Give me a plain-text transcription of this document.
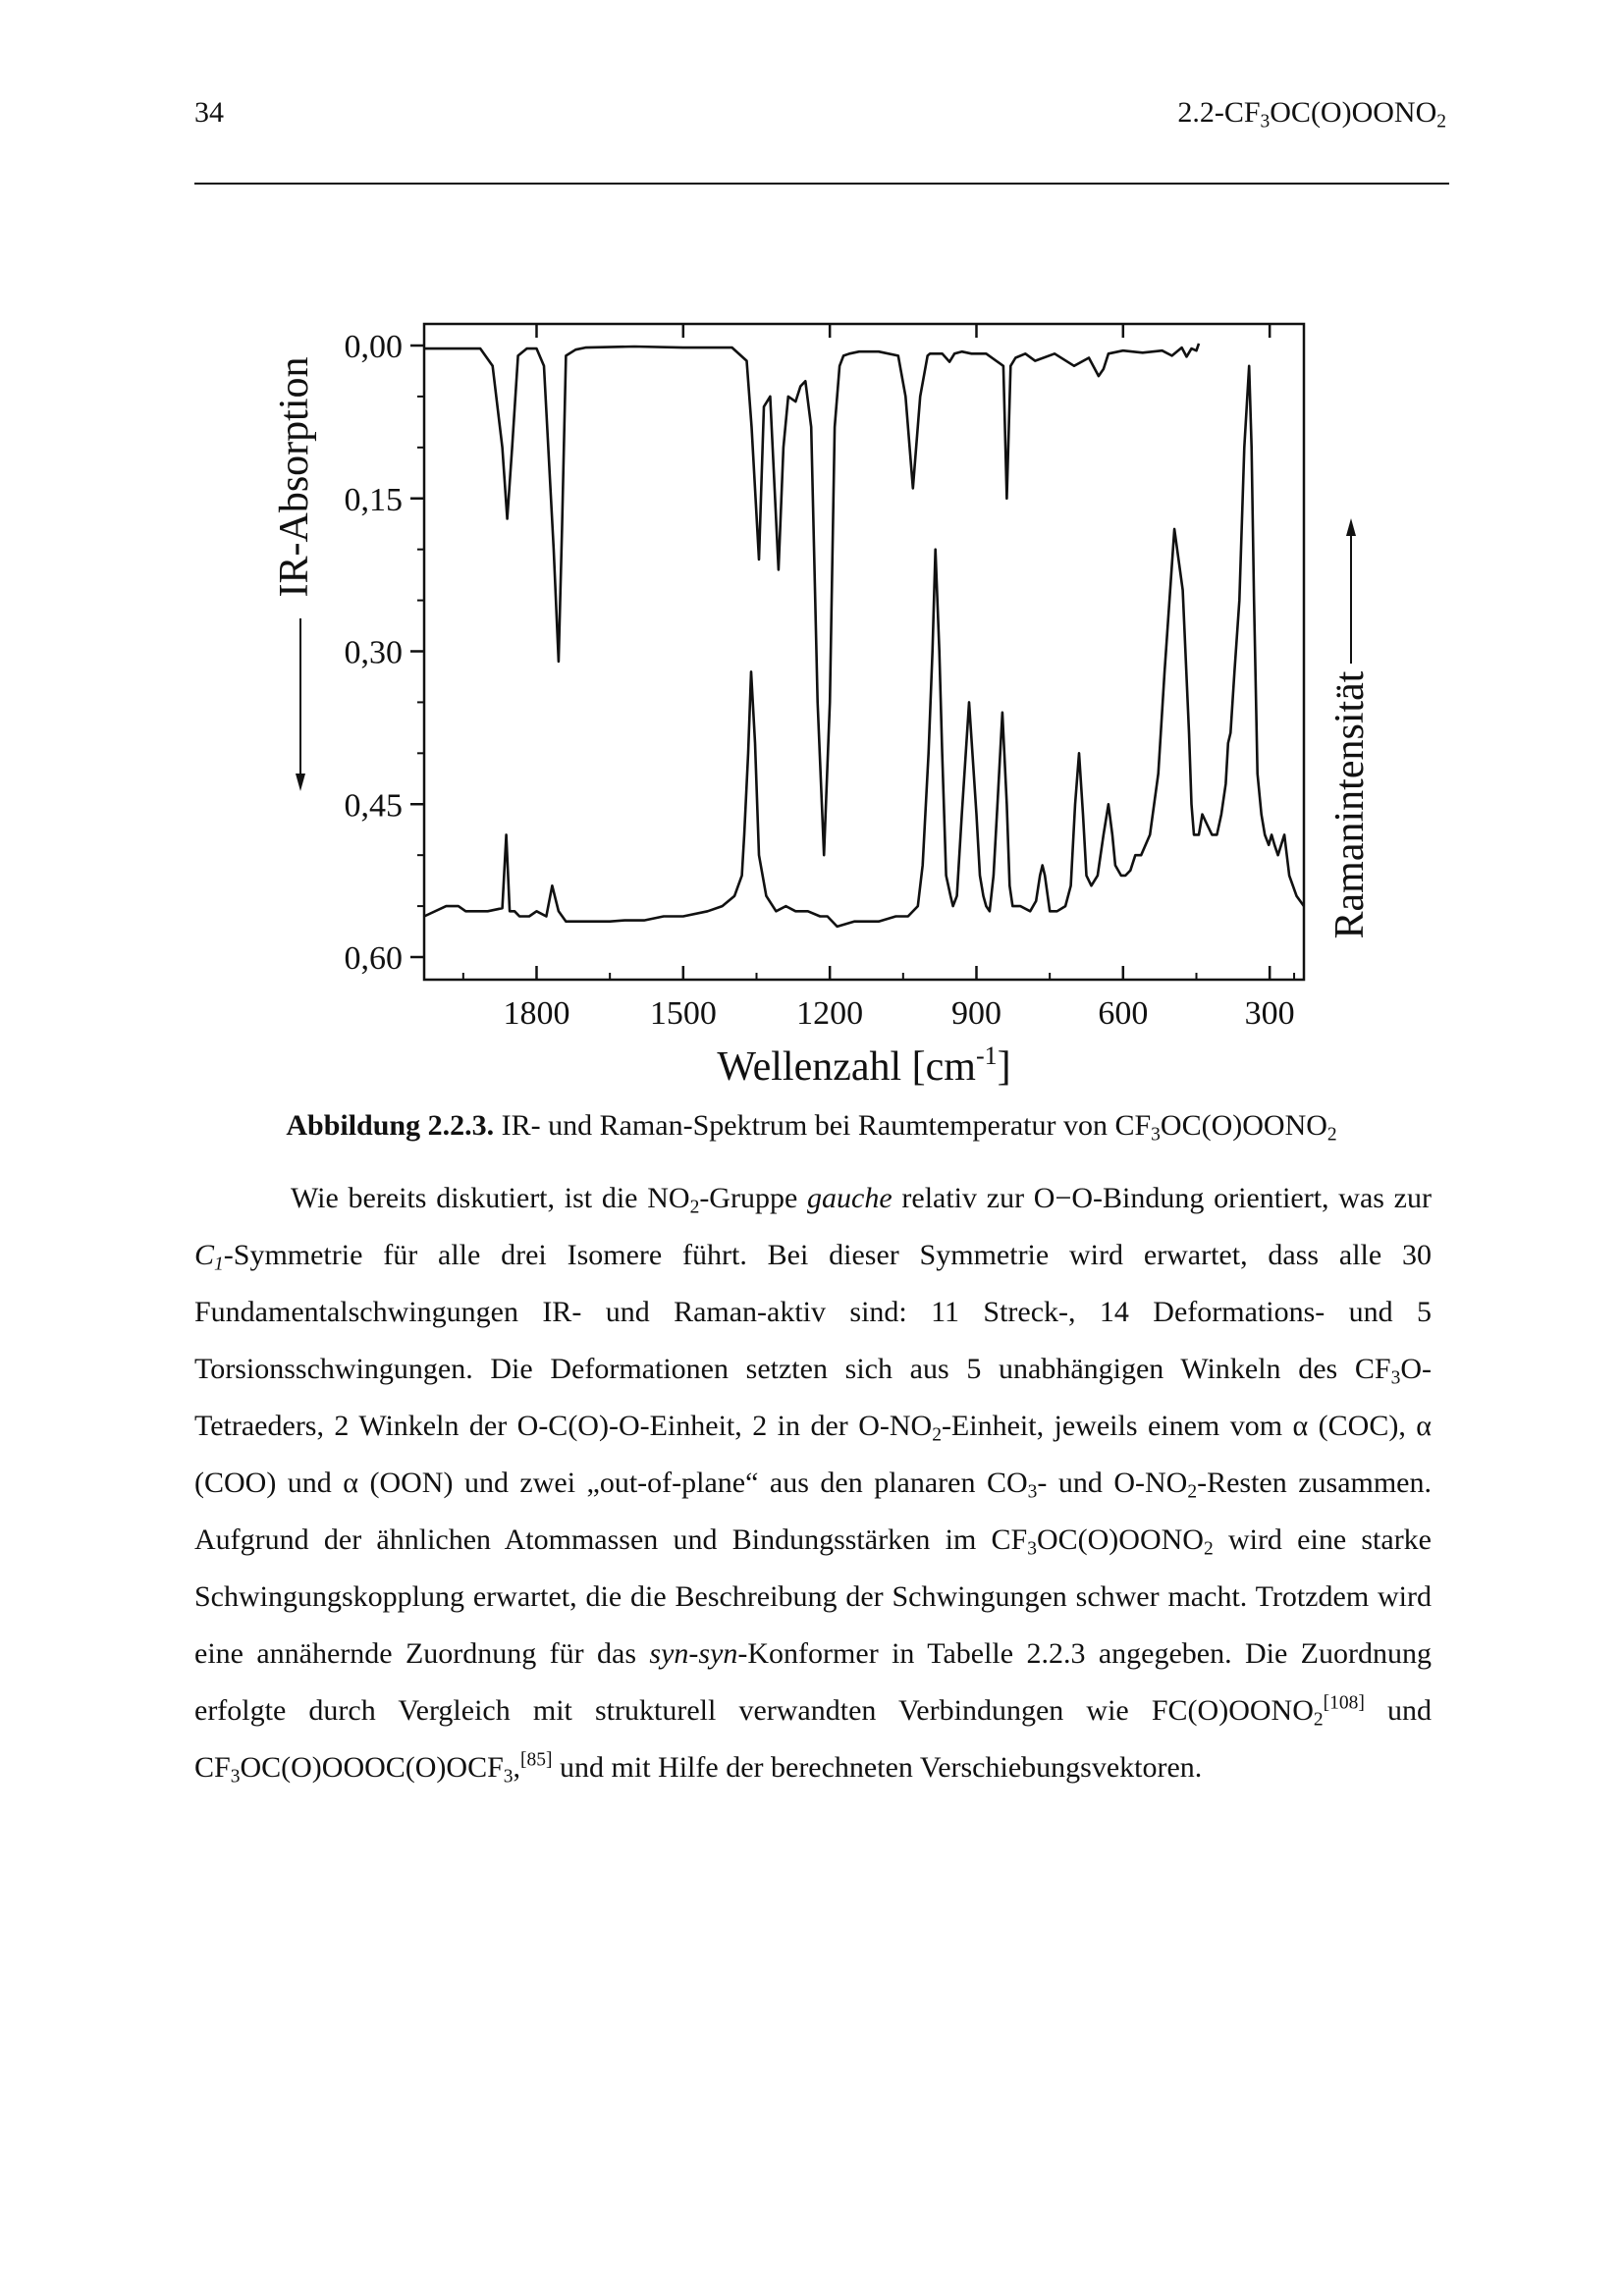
34	$2.2-CF_3OC(O)OONO_2$
1800 1500 1200	900	600	300
0,00
0,15
0,30
0,45
0,60
Wellenzahl $[cm^{-1}]$
IR-Absorption
Ramanintensität
Abbildung 2.2.3. IR- und Raman-Spektrum bei Raumtemperatur von $CF_3OC(O)OONO_2$

Wie bereits diskutiert, ist die $NO_2$-Gruppe gauche relativ zur O−O-Bindung orientiert, was zur $C_1$-Symmetrie für alle drei Isomere führt. Bei dieser Symmetrie wird erwartet, dass alle 30 Fundamentalschwingungen IR- und Raman-aktiv sind: 11 Streck-, 14 Deformations- und 5 Torsionsschwingungen. Die Deformationen setzten sich aus 5 unabhängigen Winkeln des $CF_3O$-Tetraeders, 2 Winkeln der O-C(O)-O-Einheit, 2 in der $O-NO_2$-Einheit, jeweils einem vom α (COC), α (COO) und α (OON) und zwei „out-of-plane“ aus den planaren $CO_3-$ und $O-NO_2$-Resten zusammen. Aufgrund der ähnlichen Atommassen und Bindungsstärken im $CF_3OC(O)OONO_2$ wird eine starke Schwingungskopplung erwartet, die die Beschreibung der Schwingungen schwer macht. Trotzdem wird eine annähernde Zuordnung für das syn-syn-Konformer in Tabelle 2.2.3 angegeben. Die Zuordnung erfolgte durch Vergleich mit strukturell verwandten Verbindungen wie $FC(O)OONO_2[108]$ und $CF_3OC(O)OOOC(O)OCF_3,[85]$ und mit Hilfe der berechneten Verschiebungsvektoren.
